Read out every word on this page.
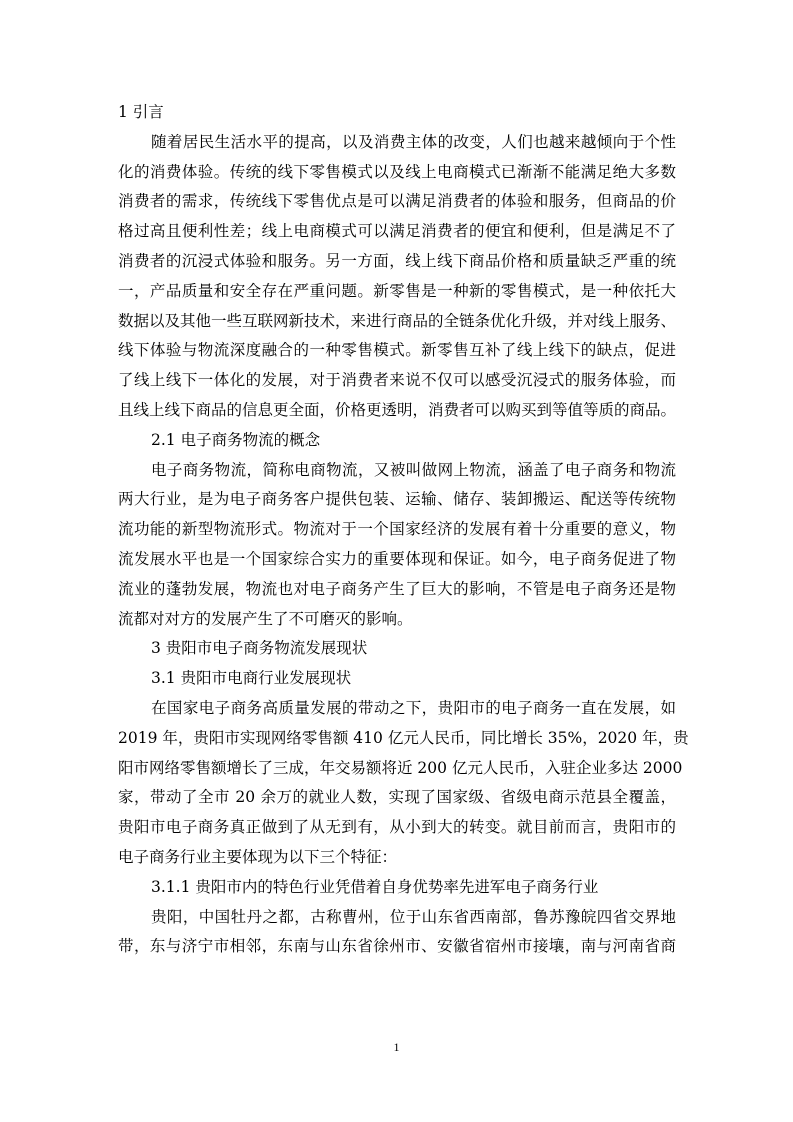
1 引言
随着居民生活水平的提高，以及消费主体的改变，人们也越来越倾向于个性
化的消费体验。传统的线下零售模式以及线上电商模式已渐渐不能满足绝大多数
消费者的需求，传统线下零售优点是可以满足消费者的体验和服务，但商品的价
格过高且便利性差；线上电商模式可以满足消费者的便宜和便利，但是满足不了
消费者的沉浸式体验和服务。另一方面，线上线下商品价格和质量缺乏严重的统
一，产品质量和安全存在严重问题。新零售是一种新的零售模式，是一种依托大
数据以及其他一些互联网新技术，来进行商品的全链条优化升级，并对线上服务、
线下体验与物流深度融合的一种零售模式。新零售互补了线上线下的缺点，促进
了线上线下一体化的发展，对于消费者来说不仅可以感受沉浸式的服务体验，而
且线上线下商品的信息更全面，价格更透明，消费者可以购买到等值等质的商品。
2.1 电子商务物流的概念
电子商务物流，简称电商物流，又被叫做网上物流，涵盖了电子商务和物流
两大行业，是为电子商务客户提供包装、运输、储存、装卸搬运、配送等传统物
流功能的新型物流形式。物流对于一个国家经济的发展有着十分重要的意义，物
流发展水平也是一个国家综合实力的重要体现和保证。如今，电子商务促进了物
流业的蓬勃发展，物流也对电子商务产生了巨大的影响，不管是电子商务还是物
流都对对方的发展产生了不可磨灭的影响。
3 贵阳市电子商务物流发展现状
3.1 贵阳市电商行业发展现状
在国家电子商务高质量发展的带动之下，贵阳市的电子商务一直在发展，如
2019 年，贵阳市实现网络零售额 410 亿元人民币，同比增长 35%，2020 年，贵
阳市网络零售额增长了三成，年交易额将近 200 亿元人民币，入驻企业多达 2000
家，带动了全市 20 余万的就业人数，实现了国家级、省级电商示范县全覆盖，
贵阳市电子商务真正做到了从无到有，从小到大的转变。就目前而言，贵阳市的
电子商务行业主要体现为以下三个特征：
3.1.1 贵阳市内的特色行业凭借着自身优势率先进军电子商务行业
贵阳，中国牡丹之都，古称曹州，位于山东省西南部，鲁苏豫皖四省交界地
带，东与济宁市相邻，东南与山东省徐州市、安徽省宿州市接壤，南与河南省商
1
